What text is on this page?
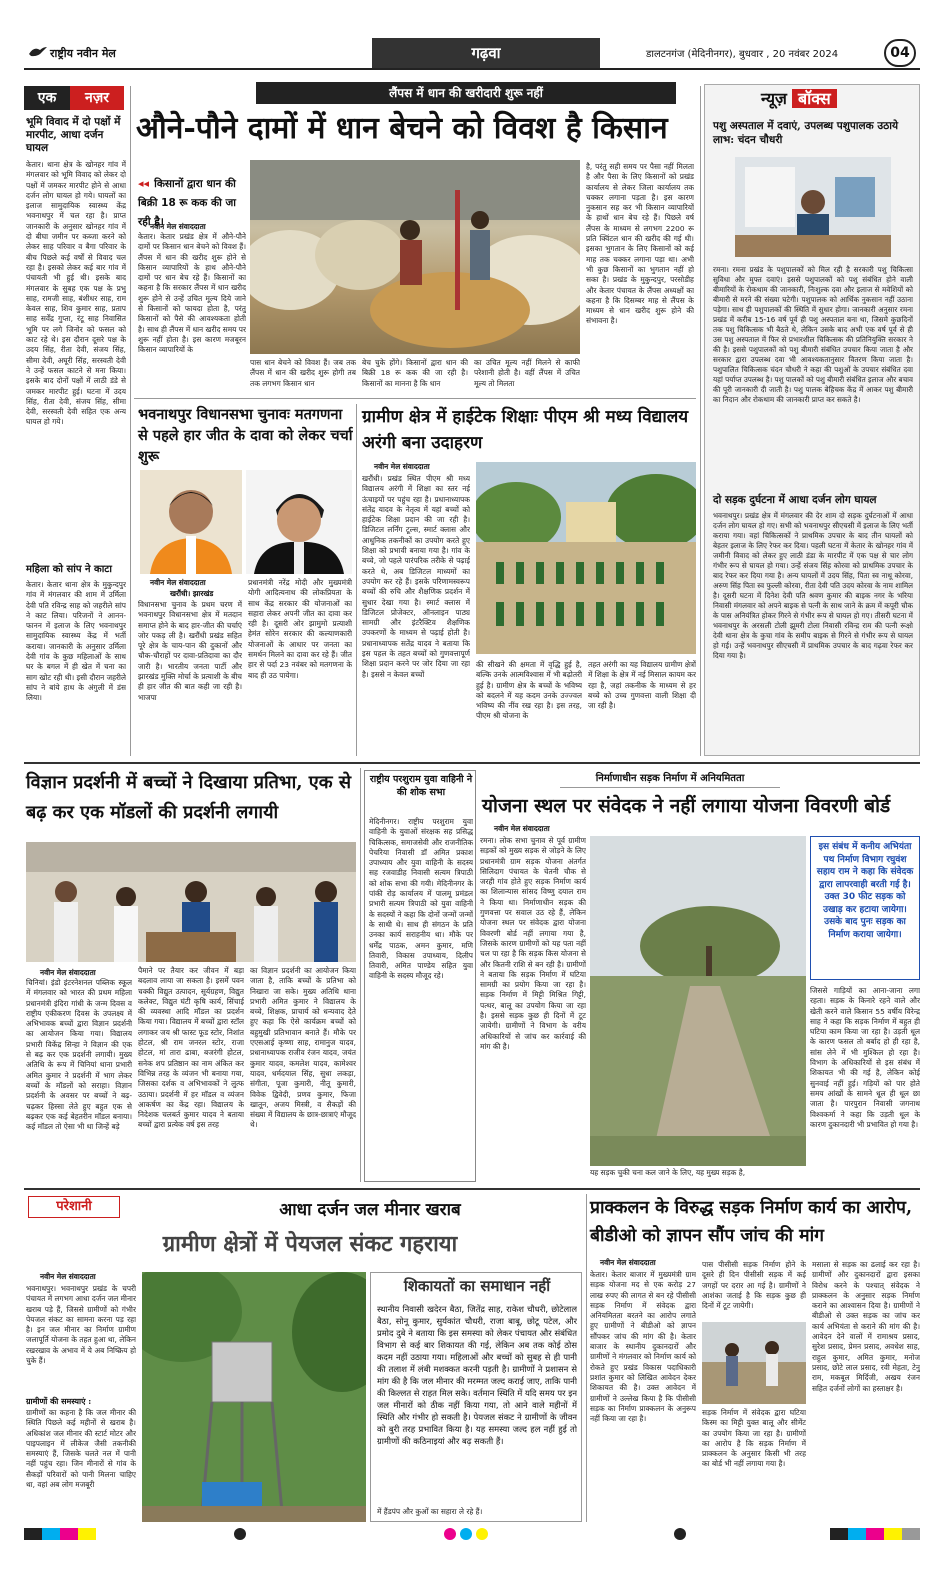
राष्ट्रीय नवीन मेल	गढ़वा	डालटनगंज (मेदिनीनगर), बुधवार , 20 नवंबर 2024	04
एक	नज़र
भूमि विवाद में दो पक्षों में मारपीट, आधा दर्जन घायल
केतार। थाना क्षेत्र के खोनहर गांव में मंगलवार को भूमि विवाद को लेकर दो पक्षों में जमकर मारपीट होने से आधा दर्जन लोग घायल हो गये। घायलों का इलाज सामुदायिक स्वास्थ्य केंद्र भवनाथपुर में चल रहा है। प्राप्त जानकारी के अनुसार खोनहर गांव में दो बीघा जमीन पर कब्जा करने को लेकर साह परिवार व बैगा परिवार के बीच पिछले कई वर्षों से विवाद चल रहा है। इसको लेकर कई बार गांव में पंचायती भी हुई थी। इसके बाद मंगलवार के सुबह एक पक्ष के प्रभु साह, रामजी साह, बंशीधर साह, राम केवल साह, शिव कुमार साह, प्रताप साह सर्वेंद्र गुप्ता, रंटू साह निवासित भूमि पर लगे जिनोर को फसल को काट रहे थे। इस दौरान दूसरे पक्ष के उदय सिंह, रीता देवी, संजय सिंह, सीमा देवी, अघूरी सिंह, सरस्वती देवी ने उन्हें फसल काटने से मना किया। इसके बाद दोनों पक्षों में लाठी डंडे से जमकर मारपीट हुई। घटना में उदय सिंह, रीता देवी, संजय सिंह, सीमा देवी, सरस्वती देवी सहित एक अन्य घायल हो गये।
महिला को सांप ने काटा
केतार। केतार थाना क्षेत्र के मुकुन्दपुर गांव में मंगलवार की शाम में उर्मिला देवी पति रविन्द्र साह को जहरीले सांप ने काट लिया। परिजनों ने आनन-फानन में इलाज के लिए भवनाथपुर सामुदायिक स्वास्थ्य केंद्र में भर्ती कराया। जानकारी के अनुसार उर्मिला देवी गांव के कुछ महिलाओं के साथ घर के बगल में ही खेत में चना का साग खोट रही थी। इसी दौरान जहरीले सांप ने बांये हाथ के अंगुली में डंस लिया।
लैंपस में धान की खरीदारी शुरू नहीं
औने-पौने दामों में धान बेचने को विवश है किसान
◂◂ किसानों द्वारा धान की बिक्री 18 रू कक की जा रही है।
नवीन मेल संवाददाता
केतार। केतार प्रखंड क्षेत्र में औने-पौने दामों पर किसान धान बेचने को विवश हैं। लैंपस में धान की खरीद शुरू होने से किसान व्यापारियों के हाथ औने-पौने दामों पर धान बेच रहे हैं। किसानों का कहना है कि सरकार लैंपस में धान खरीद शुरू होने से उन्हें उचित मूल्य दिये जाने से किसानों को फायदा होता है, परंतु किसानों को पैसे की आवश्यकता होती है। साथ ही लैंपस में धान खरीद समय पर शुरू नहीं होता है। इस कारण मजबूरन किसान व्यापारियों के
पास धान बेचने को विवश हैं। जब तक लैंपस में धान की खरीद शुरू होगी तब तक लगभग किसान धान
बेच चुके होंगे। किसानों द्वारा धान की बिक्री 18 रू कक की जा रही है। किसानों का मानना है कि धान
का उचित मूल्य नहीं मिलने से काफी परेशानी होती है। वहीं लैंपस में उचित मूल्य तो मिलता
है, परंतु सही समय पर पैसा नहीं मिलता है और पैसा के लिए किसानों को प्रखंड कार्यालय से लेकर जिला कार्यालय तक चक्कर लगाना पड़ता है। इस कारण नुकसान सह कर भी किसान व्यापारियों के हाथों धान बेच रहे हैं। पिछले वर्ष लैंपस के माध्यम से लगभग 2200 रू प्रति क्विंटल धान की खरीद की गई थी। इसका भुगतान के लिए किसानों को कई माह तक चक्कर लगाना पड़ा था। अभी भी कुछ किसानों का भुगतान नहीं हो सका है। प्रखंड के मुकुन्दपुर, परसोडीह और केतार पंचायत के लैंपस अध्यक्षों का कहना है कि दिसम्बर माह से लैंपस के माध्यम से धान खरीद शुरू होने की संभावना है।
भवनाथपुर विधानसभा चुनावः मतगणना से पहले हार जीत के दावा को लेकर चर्चा शुरू
नवीन मेल संवाददाता
खरौंधी। झारखंड
विधानसभा चुनाव के प्रथम चरण में भवनाथपुर विधानसभा क्षेत्र में मतदान समाप्त होने के बाद हार-जीत की चर्चाएं जोर पकड़ ली है। खरौंधी प्रखंड सहित पूरे क्षेत्र के चाय-पान की दुकानों और चौक-चौराहों पर दावा-प्रतिदावा का दौर जारी है। भारतीय जनता पार्टी और झारखंड मुक्ति मोर्चा के प्रत्याशी के बीच ही हार जीत की बात कही जा रही है। भाजपा
प्रधानमंत्री नरेंद्र मोदी और मुख्यमंत्री योगी आदित्यनाथ की लोकप्रियता के साथ केंद्र सरकार की योजनाओं का सहारा लेकर अपनी जीत का दावा कर रही है। दूसरी ओर झामुमो प्रत्याशी हेमंत सोरेन सरकार की कल्याणकारी योजनाओं के आधार पर जनता का समर्थन मिलने का दावा कर रहे हैं। जीत हार से पर्दा 23 नवंबर को मतगणना के बाद ही उठ पायेगा।
ग्रामीण क्षेत्र में हाईटेक शिक्षाः पीएम श्री मध्य विद्यालय अरंगी बना उदाहरण
नवीन मेल संवाददाता
खरौंधी। प्रखंड स्थित पीएम श्री मध्य विद्यालय अरंगी में शिक्षा का स्तर नई ऊंचाइयों पर पहुंच रहा है। प्रधानाध्यापक संतेंद्र यादव के नेतृत्व में यहां बच्चों को हाईटेक शिक्षा प्रदान की जा रही है। डिजिटल लर्निंग टूल्स, स्मार्ट क्लास और आधुनिक तकनीकों का उपयोग करते हुए शिक्षा को प्रभावी बनाया गया है। गांव के बच्चे, जो पहले पारंपरिक तरीके से पढ़ाई करते थे, अब डिजिटल माध्यमों का उपयोग कर रहे हैं। इसके परिणामस्वरूप बच्चों की रुचि और शैक्षणिक प्रदर्शन में सुधार देखा गया है। स्मार्ट क्लास में डिजिटल प्रोजेक्टर, ऑनलाइन पाठ्य सामग्री और इंटरैक्टिव शैक्षणिक उपकरणों के माध्यम से पढ़ाई होती है। प्रधानाध्यापक सतेंद्र यादव ने बताया कि इस पहल के तहत बच्चों को गुणवत्तापूर्ण शिक्षा प्रदान करने पर जोर दिया जा रहा है। इससे न केवल बच्चों
की सीखने की क्षमता में वृद्धि हुई है, बल्कि उनके आत्मविश्वास में भी बढ़ोतरी हुई है। ग्रामीण क्षेत्र के बच्चों के भविष्य को बदलने में यह कदम उनके उज्ज्वल भविष्य की नींव रख रहा है। इस तरह, पीएम श्री योजना के
तहत अरंगी का यह विद्यालय ग्रामीण क्षेत्रों में शिक्षा के क्षेत्र में नई मिसाल कायम कर रहा है, जहां तकनीक के माध्यम से हर बच्चे को उच्च गुणवत्ता वाली शिक्षा दी जा रही है।
न्यूज़ बॉक्स
पशु अस्पताल में दवाएं, उपलब्ध पशुपालक उठाये लाभ: चंदन चौधरी
रमना। रमना प्रखंड के पशुपालकों को मिल रही है सरकारी पशु चिकित्सा सुविधा और मुफ्त दवाएं। इससे पशुपालकों को पशु संबंधित होने वाली बीमारियों के रोकथाम की जानकारी, निःशुल्क दवा और इलाज से मवेशियों को बीमारी से मरने की संख्या घटेगी। पशुपालक को आर्थिक नुकसान नहीं उठाना पड़ेगा। साथ ही पशुपालकों की स्थिति में सुधार होगा। जानकारी अनुसार रमना प्रखंड में करीब 15-16 वर्ष पूर्व ही पशु अस्पताल बना था, जिसमे कुछदिनों तक पशु चिकित्सक भी बैठते थे, लेकिन उसके बाद अभी एक वर्ष पूर्व से ही उस पशु अस्पताल में फिर से प्रभारशील चिकित्सक की प्रतिनियुक्ति सरकार ने की है। इससे पशुपालकों को पशु बीमारी संबंधित उपचार किया जाता है और सरकार द्वारा उपलब्ध दवा भी आवश्यकतानुसार वितरण किया जाता है। पशुपालित चिकित्सक चंदन चौधरी ने कहा की पशुओं के उपचार संबंधित दवा यहां पर्याप्त उपलब्ध है। पशु पालकों को पशु बीमारी संबंधित इलाज और बचाव की पूरी जानकारी दी जाती है। पशु पालक बेहिचक केंद्र में आकर पशु बीमारी का निदान और रोकथाम की जानकारी प्राप्त कर सकते है।
दो सड़क दुर्घटना में आधा दर्जन लोग घायल
भवनाथपुर। प्रखंड क्षेत्र में मंगलवार की देर शाम दो सड़क दुर्घटनाओं में आधा दर्जन लोग घायल हो गए। सभी को भवनाथपुर सीएचसी में इलाज के लिए भर्ती कराया गया। वहां चिकित्सकों ने प्राथमिक उपचार के बाद तीन घायलों को बेहतर इलाज के लिए रेफर कर दिया। पहली घटना में केतार के खोनहर गांव में जमीनी विवाद को लेकर हुए लाठी डंडा के मारपीट में एक पक्ष से चार लोग गंभीर रूप से घायल हो गया। उन्हें संजय सिंह कोरवा को प्राथमिक उपचार के बाद रेफर कर दिया गया है। अन्य घायलों में उदय सिंह, पिता स्व नाथू कोरवा, अरुण सिंह पिता स्व फुल्ली कोरवा, रीता देवी पति उदय कोरवा के नाम शामिल है। दूसरी घटना में दिनेश देवी पति श्रवण कुमार की बाइक नगर के भरिया निवासी मंगलवार को अपने बाइक से पत्नी के साथ जाने के क्रम में कपूरी चौक के पास अनियंत्रित होकर गिरने से गंभीर रूप से घायल हो गए। तीसरी घटना में भवनाथपुर के अरसली टोली झूमरी टोला निवासी रविन्द्र राम की पत्नी रूक्षो देवी थाना क्षेत्र के कुचा गांव के समीप बाइक से गिरने से गंभीर रूप से घायल हो गई। उन्हें भवनाथपुर सीएचसी में प्राथमिक उपचार के बाद गढ़वा रेफर कर दिया गया है।
विज्ञान प्रदर्शनी में बच्चों ने दिखाया प्रतिभा, एक से बढ़ कर एक मॉडलों की प्रदर्शनी लगायी
नवीन मेल संवाददाता
चिनियां। इंडो इंटरनेशनल पब्लिक स्कूल में मंगलवार को भारत की प्रथम महिला प्रधानमंत्री इंदिरा गांधी के जन्म दिवस व राष्ट्रीय एकीकरण दिवस के उपलक्ष्य में अभिभावक बच्चों द्वारा विज्ञान प्रदर्शनी का आयोजन किया गया। विद्यालय प्रभारी विकेंद्र सिन्हा ने विज्ञान की एक से बढ़ कर एक प्रदर्शनी लगायी। मुख्य अतिथि के रूप में चिनियां थाना प्रभारी अमित कुमार ने प्रदर्शनी में भाग लेकर बच्चों के मॉडलों को सराहा। विज्ञान प्रदर्शनी के अवसर पर बच्चों ने बढ़-चढ़कर हिस्सा लेते हुए बहुत एक से बढ़कर एक कई बेहतरीन मॉडल बनाया। कई मॉडल तो ऐसा भी था जिन्हें बड़े
पैमाने पर तैयार कर जीवन में बड़ा बदलाव लाया जा सकता है। इसमें पवन चक्की विद्युत उत्पादन, सूर्यग्रहण, विद्युत कलेक्ट, विद्युत घंटी कृषि कार्य, सिंचाई की व्यवस्था आदि मॉडल का प्रदर्शन किया गया। विद्यालय में बच्चों द्वारा स्टॉल लगाकर जय श्री फास्ट फूड स्टोर, निशांत होटल, श्री राम जनरल स्टोर, राजा होटल, मां तारा ढाबा, बजरंगी होटल, सनेक शप प्रतिष्ठान का नाम अंकित कर विभिन्न तरह के व्यंजन भी बनाया गया, जिसका दर्शक व अभिभावकों ने लुत्फ उठाया। प्रदर्शनी में हर मॉडल व व्यंजन आकर्षण का केंद्र रहा। विद्यालय के निदेशक चलबर्त कुमार यादव ने बताया बच्चों द्वारा प्रत्येक वर्ष इस तरह
का विज्ञान प्रदर्शनी का आयोजन किया जाता है, ताकि बच्चों के प्रतिभा को निखारा जा सके। मुख्य अतिथि थाना प्रभारी अमित कुमार ने विद्यालय के बच्चे, शिक्षक, प्राचार्य को धन्यवाद देते हुए कहा कि ऐसे कार्यक्रम बच्चों को बहुमुखी प्रतिभावान बनाते हैं। मौके पर एएसआई कृष्णा साह, रामानुज यादव, प्रधानाध्यापक राजीव रंजन यादव, जयंत कुमार यादव, कमलेश यादव, कामेश्वर यादव, धर्मदयाल सिंह, सुधा लकड़ा, संगीता, पूजा कुमारी, नीतू कुमारी, विवेक द्विवेदी, प्रणव कुमार, फिजा खातून, अजय मिस्त्री, व सैकड़ों की संख्या में विद्यालय के छात्र-छात्राएं मौजूद थे।
राष्ट्रीय परशुराम युवा वाहिनी ने की शोक सभा
मेदिनीनगर। राष्ट्रीय परशुराम युवा वाहिनी के युवाओं संरक्षक सह प्रसिद्ध चिकित्सक, समाजसेवी और राजनीतिक पेचरिया निवासी डॉ अमित प्रकाश उपाध्याय और युवा वाहिनी के सदस्य सह रजवाडीह निवासी सत्यम त्रिपाठी को शोक सभा की गयी। मेदिनीनगर के पांकी रोड़ कार्यालय में पालमू प्रमंडल प्रभारी सत्यम त्रिपाठी को युवा वाहिनी के सदस्यों ने कहा कि दोनों जन्मों जन्मों के साथी थे। साथ ही संगठन के प्रति उनका कार्य सराहनीय था। मौके पर धर्मेंद्र पाठक, अमन कुमार, मणि तिवारी, विकास उपाध्याय, दिलीप तिवारी, अमित पाण्डेय सहित युवा वाहिनी के सदस्य मौजूद रहे।
निर्माणाधीन सड़क निर्माण में अनियमितता
योजना स्थल पर संवेदक ने नहीं लगाया योजना विवरणी बोर्ड
नवीन मेल संवाददाता
रमना। लोक सभा चुनाव से पूर्व ग्रामीण सड़कों को मुख्य सड़क से जोड़ने के लिए प्रधानमंत्री ग्राम सड़क योजना अंतर्गत सिलिदाग पंचायत के चेतनी चौक से जरही गांव होते हुए सड़क निर्माण कार्य का शिलान्यास सांसद विष्णु दयाल राम ने किया था। निर्माणाधीन सड़क की गुणवत्ता पर सवाल उठ रहे हैं, लेकिन योजना स्थल पर संवेदक द्वारा योजना विवरणी बोर्ड नहीं लगाया गया है, जिसके कारण ग्रामीणों को यह पता नहीं चल पा रहा है कि सड़क किस योजना से और कितनी राशि से बन रही है। ग्रामीणों ने बताया कि सड़क निर्माण में घटिया सामग्री का प्रयोग किया जा रहा है। सड़क निर्माण में मिट्टी मिश्रित गिट्टी, पत्थर, बालू का उपयोग किया जा रहा है। इससे सड़क कुछ ही दिनों में टूट जायेगी। ग्रामीणों ने विभाग के वरीय अधिकारियों से जांच कर कार्रवाई की मांग की है।
यह सड़क चुकी चना कल जाने के लिए, यह मुख्य सड़क है,
इस संबंध में कनीय अभियंता पथ निर्माण विभाग रघुवंश सहाय राम ने कहा कि संवेदक द्वारा लापरवाही बरती गई है। उक्त 30 फीट सड़क को उखाड़ कर हटाया जायेगा। उसके बाद पुनः सड़क का निर्माण कराया जायेगा।
जिससे गाड़ियों का आना-जाना लगा रहता। सड़क के किनारे रहने वाले और खेती करने वाले किसान 55 वर्षीय विरेन्द्र साह ने कहा कि सड़क निर्माण में बहुत ही घटिया काम किया जा रहा है। उड़ती धूल के कारण फसल तो बर्बाद हो ही रहा है, सांस लेने में भी मुश्किल हो रहा है। विभाग के अधिकारियों से इस संबंध में शिकायत भी की गई है, लेकिन कोई सुनवाई नहीं हुई। गड़ियों को पार होते समय आंखों के सामने धूल ही धूल छा जाता है। पारपुरान निवासी जगनाथ विश्वकर्मा ने कहा कि उड़ती धूल के कारण दुकानदारी भी प्रभावित हो गया है।
परेशानी	आधा दर्जन जल मीनार खराब
ग्रामीण क्षेत्रों में पेयजल संकट गहराया
नवीन मेल संवाददाता
भवनाथपुर। भवनाथपुर प्रखंड के चपरी पंचायत में लगभग आधा दर्जन जल मीनार खराब पड़े हैं, जिससे ग्रामीणों को गंभीर पेयजल संकट का सामना करना पड़ रहा है। इन जल मीनार का निर्माण ग्रामीण जलापूर्ति योजना के तहत हुआ था, लेकिन रखरखाव के अभाव में ये अब निष्क्रिय हो चुके हैं।
ग्रामीणों की समस्याएं :
ग्रामीणों का कहना है कि जल मीनार की स्थिति पिछले कई महीनों से खराब है। अधिकांश जल मीनार की स्टार्ट मोटर और पाइपलाइन में लीकेज जैसी तकनीकी समस्याएं हैं, जिसके चलते नल में पानी नहीं पहुंच रहा। जिन मीनारों से गांव के सैकड़ों परिवारों को पानी मिलना चाहिए था, वहां अब लोग मजबूरी
शिकायतों का समाधान नहीं
स्थानीय निवासी खदेरन बैठा, जितेंद्र साह, राकेश चौधरी, छोटेलाल बैठा, सोनू कुमार, सुर्यकांत चौधरी, राजा बाबू, छोटू पटेल, और प्रमोद दुबे ने बताया कि इस समस्या को लेकर पंचायत और संबंधित विभाग से कई बार शिकायत की गई, लेकिन अब तक कोई ठोस कदम नहीं उठाया गया। महिलाओं और बच्चों को सुबह से ही पानी की तलाश में लंबी मशक्कत करनी पड़ती है। ग्रामीणों ने प्रशासन से मांग की है कि जल मीनार की मरम्मत जल्द कराई जाए, ताकि पानी की किल्लत से राहत मिल सके। वर्तमान स्थिति में यदि समय पर इन जल मीनारों को ठीक नहीं किया गया, तो आने वाले महीनों में स्थिति और गंभीर हो सकती है। पेयजल संकट ने ग्रामीणों के जीवन को बुरी तरह प्रभावित किया है। यह समस्या जल्द हल नहीं हुई तो ग्रामीणों की कठिनाइयां और बढ़ सकती हैं।
में हैंडपंप और कुओं का सहारा ले रहे हैं।
प्राक्कलन के विरुद्ध सड़क निर्माण कार्य का आरोप, बीडीओ को ज्ञापन सौंप जांच की मांग
नवीन मेल संवाददाता
केतार। केतार बाजार में मुख्यमंत्री ग्राम सड़क योजना मद से एक करोड़ 27 लाख रुपए की लागत से बन रहे पीसीसी सड़क निर्माण में संवेदक द्वारा अनियमितता बरतने का आरोप लगाते हुए ग्रामीणों ने बीडीओ को ज्ञापन सौंपकर जांच की मांग की है। केतार बाजार के स्थानीय दुकानदारों और ग्रामीणों ने मंगलवार को निर्माण कार्य को रोकते हुए प्रखंड विकास पदाधिकारी प्रशांत कुमार को लिखित आवेदन देकर शिकायत की है। उक्त आवेदन में ग्रामीणों ने उल्लेख किया है कि पीसीसी सड़क का निर्माण प्राक्कलन के अनुरूप नहीं किया जा रहा है।
पास पीसीसी सड़क निर्माण होने के दूसरे ही दिन पीसीसी सड़क में कई जगहों पर दरार आ गई है। ग्रामीणों ने आशंका जताई है कि सड़क कुछ ही दिनों में टूट जायेगी।
सड़क निर्माण में संवेदक द्वारा घटिया किस्म का मिट्टी युक्त बालू और सीमेंट का उपयोग किया जा रहा है। ग्रामीणों का आरोप है कि सड़क निर्माण में प्राक्कलन के अनुसार किसी भी तरह का बोर्ड भी नहीं लगाया गया है।
मसाला से सड़क का ढलाई कर रहा है। ग्रामीणों और दुकानदारों द्वारा इसका विरोध करने के पश्चात् संवेदक ने प्राक्कलन के अनुसार सड़क निर्माण कराने का आश्वासन दिया है। ग्रामीणों ने बीडीओ से उक्त सड़क का जांच कर कार्य अभियंता से कराने की मांग की है। आवेदन देने वालों में रामाश्रय प्रसाद, सुरेश प्रसाद, प्रेमन प्रसाद, अवधेश साह, राहुल कुमार, अमित कुमार, मनोज प्रसाद, छोटे लाल प्रसाद, रवी मेहता, टेनु राम, मकबूल मिर्दिजी, अखय रंजन सहित दर्जनों लोगों का हस्ताक्षर है।
